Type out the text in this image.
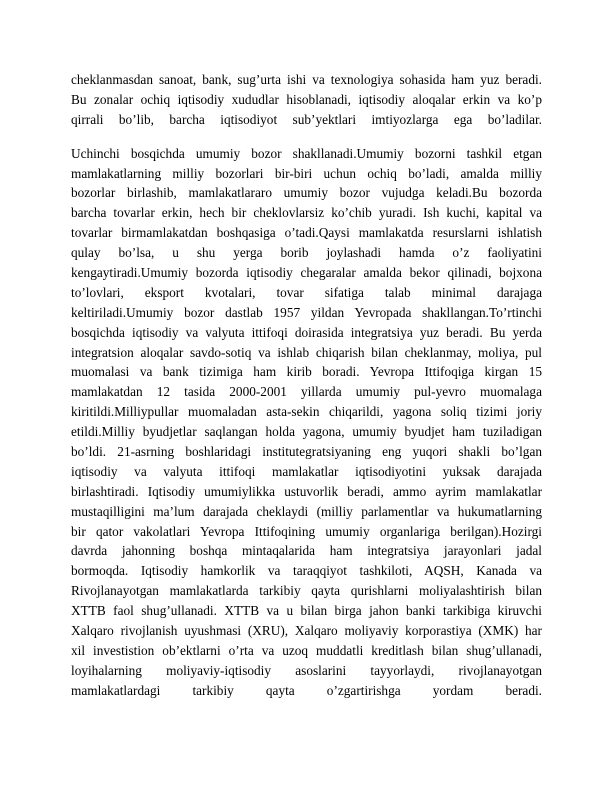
cheklanmasdan sanoat, bank, sug’urta ishi va texnologiya sohasida ham yuz beradi.
Bu zonalar ochiq iqtisodiy xududlar hisoblanadi, iqtisodiy aloqalar erkin va ko’p
qirrali bo’lib, barcha iqtisodiyot sub’yektlari imtiyozlarga ega bo’ladilar.
Uchinchi bosqichda umumiy bozor shakllanadi.Umumiy bozorni tashkil etgan
mamlakatlarning milliy bozorlari bir-biri uchun ochiq bo’ladi, amalda milliy
bozorlar birlashib, mamlakatlararo umumiy bozor vujudga keladi.Bu bozorda
barcha tovarlar erkin, hech bir cheklovlarsiz ko’chib yuradi. Ish kuchi, kapital va
tovarlar birmamlakatdan boshqasiga o’tadi.Qaysi mamlakatda resurslarni ishlatish
qulay bo’lsa, u shu yerga borib joylashadi hamda o’z faoliyatini
kengaytiradi.Umumiy bozorda iqtisodiy chegaralar amalda bekor qilinadi, bojxona
to’lovlari, eksport kvotalari, tovar sifatiga talab minimal darajaga
keltiriladi.Umumiy bozor dastlab 1957 yildan Yevropada shakllangan.To’rtinchi
bosqichda iqtisodiy va valyuta ittifoqi doirasida integratsiya yuz beradi. Bu yerda
integratsion aloqalar savdo-sotiq va ishlab chiqarish bilan cheklanmay, moliya, pul
muomalasi va bank tizimiga ham kirib boradi. Yevropa Ittifoqiga kirgan 15
mamlakatdan 12 tasida 2000-2001 yillarda umumiy pul-yevro muomalaga
kiritildi.Milliypullar muomaladan asta-sekin chiqarildi, yagona soliq tizimi joriy
etildi.Milliy byudjetlar saqlangan holda yagona, umumiy byudjet ham tuziladigan
bo’ldi. 21-asrning boshlaridagi institutegratsiyaning eng yuqori shakli bo’lgan
iqtisodiy va valyuta ittifoqi mamlakatlar iqtisodiyotini yuksak darajada
birlashtiradi. Iqtisodiy umumiylikka ustuvorlik beradi, ammo ayrim mamlakatlar
mustaqilligini ma’lum darajada cheklaydi (milliy parlamentlar va hukumatlarning
bir qator vakolatlari Yevropa Ittifoqining umumiy organlariga berilgan).Hozirgi
davrda jahonning boshqa mintaqalarida ham integratsiya jarayonlari jadal
bormoqda. Iqtisodiy hamkorlik va taraqqiyot tashkiloti, AQSH, Kanada va
Rivojlanayotgan mamlakatlarda tarkibiy qayta qurishlarni moliyalashtirish bilan
XTTB faol shug’ullanadi. XTTB va u bilan birga jahon banki tarkibiga kiruvchi
Xalqaro rivojlanish uyushmasi (XRU), Xalqaro moliyaviy korporastiya (XMK) har
xil investistion ob’ektlarni o’rta va uzoq muddatli kreditlash bilan shug’ullanadi,
loyihalarning moliyaviy-iqtisodiy asoslarini tayyorlaydi, rivojlanayotgan
mamlakatlardagi tarkibiy qayta o’zgartirishga yordam beradi.
